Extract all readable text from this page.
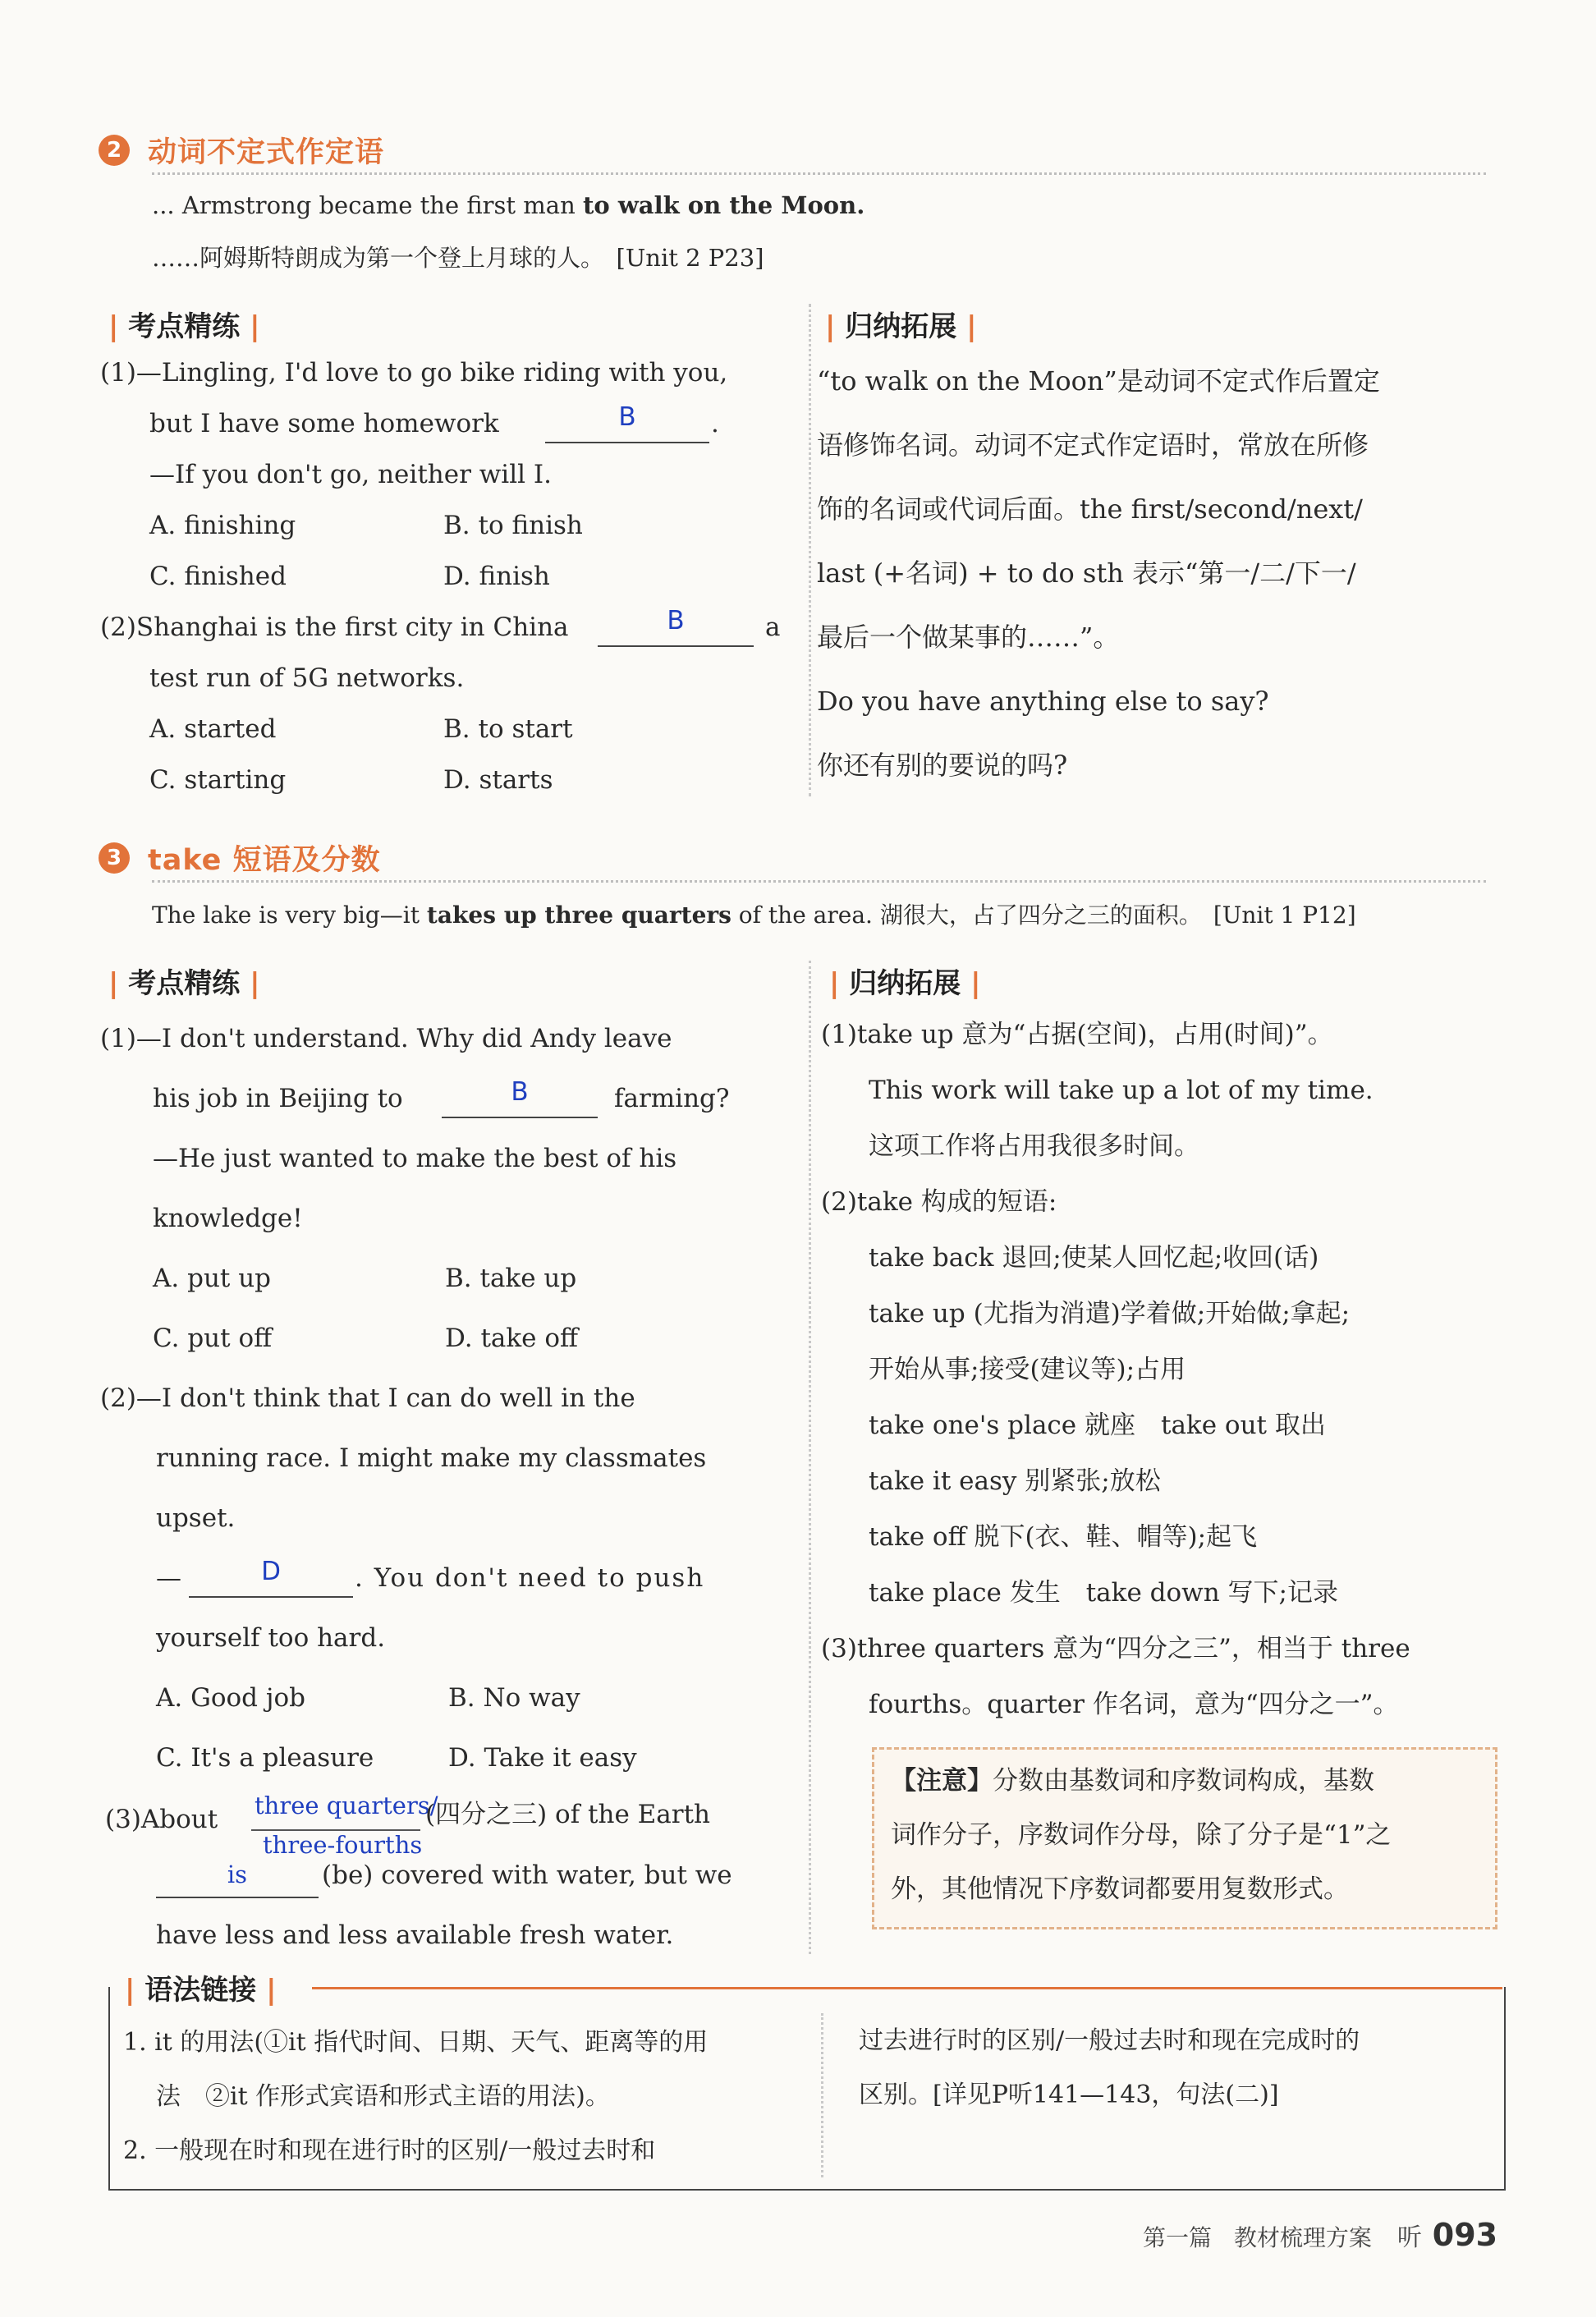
2 动词不定式作定语
... Armstrong became the first man to walk on the Moon.
……阿姆斯特朗成为第一个登上月球的人。　 [Unit 2 P23]
| 考点精练 |	| 归纳拓展 |
(1)—Lingling, I'd love to go bike riding with you,
but I have some homework	B	.
—If you don't go, neither will I.
A. finishing	B. to finish
C. finished	D. finish
(2)Shanghai is the first city in China	B	a
test run of 5G networks.
A. started	B. to start
C. starting	D. starts
“to walk on the Moon”是动词不定式作后置定
语修饰名词。动词不定式作定语时，常放在所修
饰的名词或代词后面。the first/second/next/
last (+名词) + to do sth 表示“第一/二/下一/
最后一个做某事的……”。
Do you have anything else to say?
你还有别的要说的吗?
3 take 短语及分数
The lake is very big—it takes up three quarters of the area. 湖很大，占了四分之三的面积。　 [Unit 1 P12]
| 考点精练 |	| 归纳拓展 |
(1)—I don't understand. Why did Andy leave
his job in Beijing to	B	farming?
—He just wanted to make the best of his
knowledge!
A. put up	B. take up
C. put off	D. take off
(2)—I don't think that I can do well in the
running race. I might make my classmates
upset.
—	D	. You don't need to push
yourself too hard.
A. Good job	B. No way
C. It's a pleasure	D. Take it easy
(3)About three quarters/
three-fourths
(四分之三) of the Earth
is	(be) covered with water, but we
have less and less available fresh water.
(1)take up 意为“占据(空间)，占用(时间)”。
This work will take up a lot of my time.
这项工作将占用我很多时间。
(2)take 构成的短语:
take back 退回;使某人回忆起;收回(话)
take up (尤指为消遣)学着做;开始做;拿起;
开始从事;接受(建议等);占用
take one's place 就座　take out 取出
take it easy 别紧张;放松
take off 脱下(衣、鞋、帽等);起飞
take place 发生　take down 写下;记录
(3)three quarters 意为“四分之三”，相当于 three
fourths。quarter 作名词，意为“四分之一”。
【注意】分数由基数词和序数词构成，基数
词作分子，序数词作分母，除了分子是“1”之
外，其他情况下序数词都要用复数形式。
| 语法链接 |
1. it 的用法(①it 指代时间、日期、天气、距离等的用
法　②it 作形式宾语和形式主语的用法)。
2. 一般现在时和现在进行时的区别/一般过去时和
过去进行时的区别/一般过去时和现在完成时的
区别。[详见P听141—143，句法(二)]
第一篇 教材梳理方案 听 093
